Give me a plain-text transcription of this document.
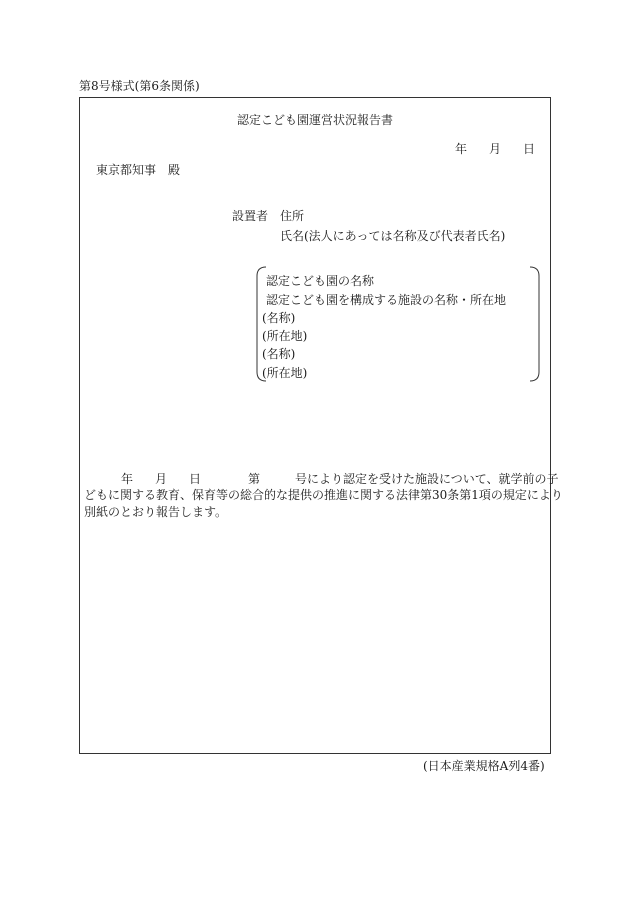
第8号様式(第6条関係)
認定こども園運営状況報告書
年 月 日
東京都知事　殿
設置者 住所
氏名(法人にあっては名称及び代表者氏名)
認定こども園の名称
認定こども園を構成する施設の名称・所在地
(名称)
(所在地)
(名称)
(所在地)
年 月 日	第	号により認定を受けた施設について、就学前の子
どもに関する教育、保育等の総合的な提供の推進に関する法律第30条第1項の規定により
別紙のとおり報告します。
(日本産業規格A列4番)
